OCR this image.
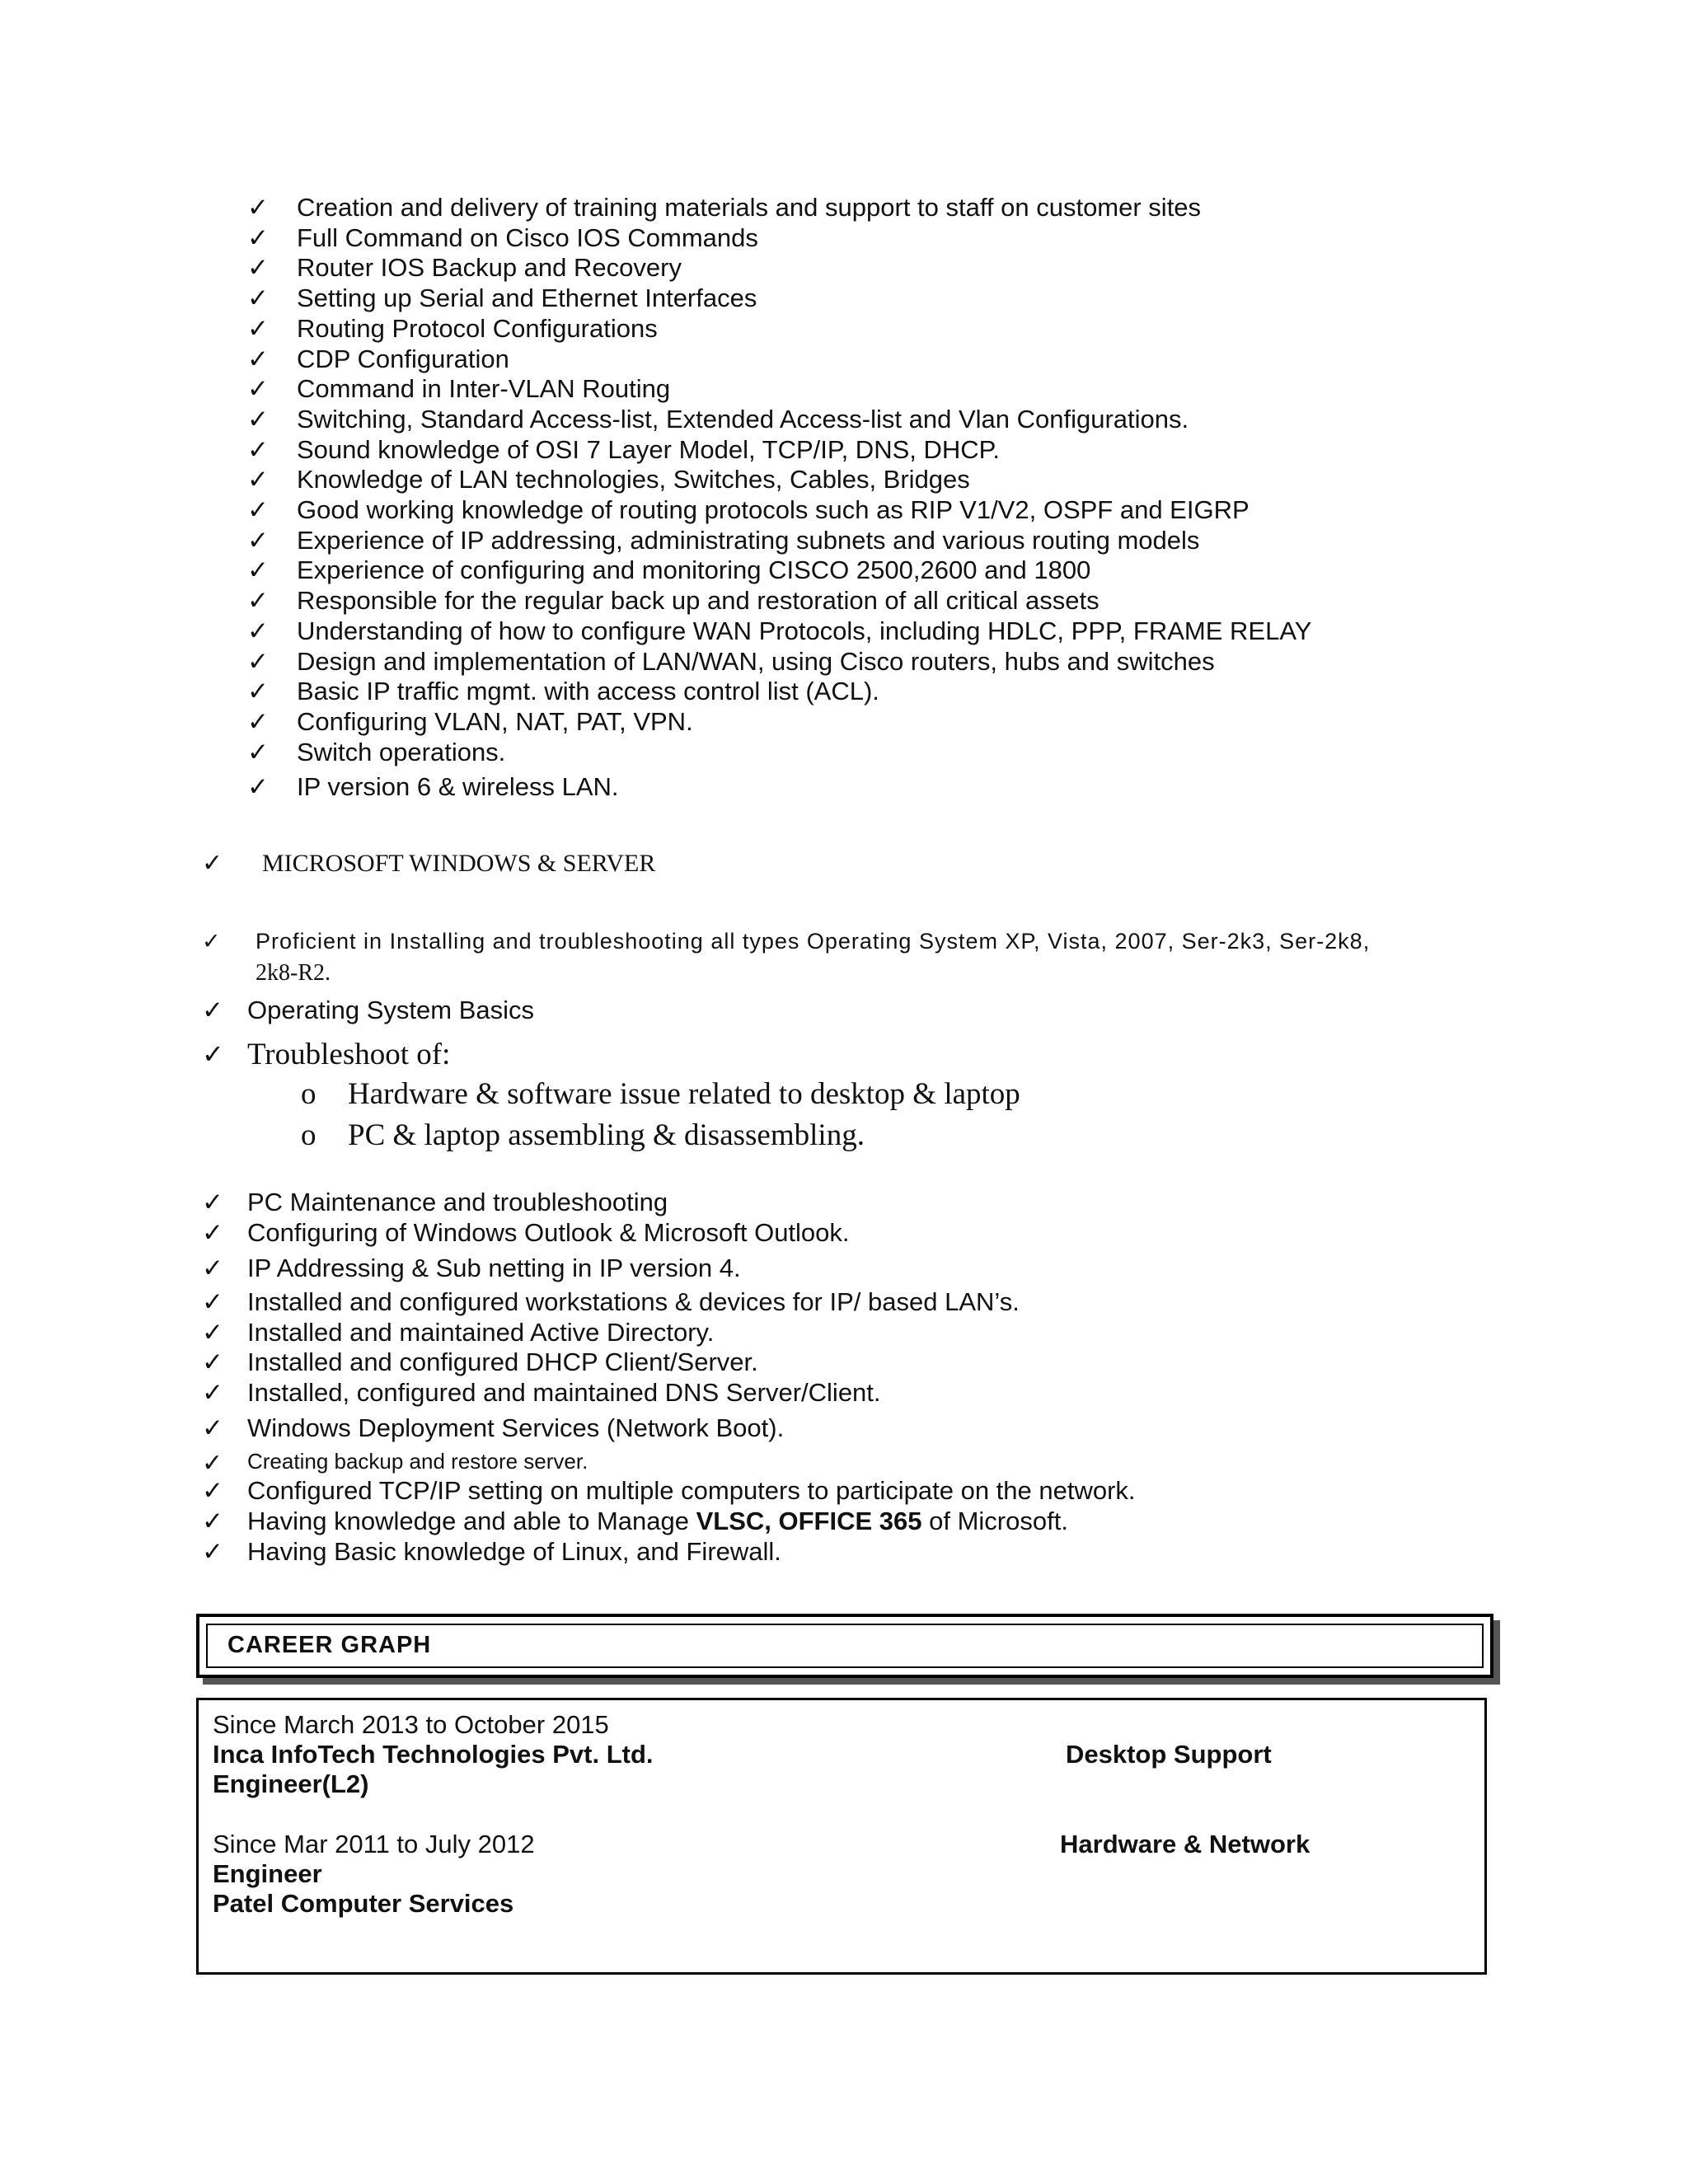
✓ Creation and delivery of training materials and support to staff on customer sites
✓ Full Command on Cisco IOS Commands
✓ Router IOS Backup and Recovery
✓ Setting up Serial and Ethernet Interfaces
✓ Routing Protocol Configurations
✓ CDP Configuration
✓ Command in Inter-VLAN Routing
✓ Switching, Standard Access-list, Extended Access-list and Vlan Configurations.
✓ Sound knowledge of OSI 7 Layer Model, TCP/IP, DNS, DHCP.
✓ Knowledge of LAN technologies, Switches, Cables, Bridges
✓ Good working knowledge of routing protocols such as RIP V1/V2, OSPF and EIGRP
✓ Experience of IP addressing, administrating subnets and various routing models
✓ Experience of configuring and monitoring CISCO 2500,2600 and 1800
✓ Responsible for the regular back up and restoration of all critical assets
✓ Understanding of how to configure WAN Protocols, including HDLC, PPP, FRAME RELAY
✓ Design and implementation of LAN/WAN, using Cisco routers, hubs and switches
✓ Basic IP traffic mgmt. with access control list (ACL).
✓ Configuring VLAN, NAT, PAT, VPN.
✓ Switch operations.
✓ IP version 6 & wireless LAN.
✓ MICROSOFT WINDOWS & SERVER
✓ Proficient in Installing and troubleshooting all types Operating System XP, Vista, 2007, Ser-2k3, Ser-2k8,
2k8-R2.
✓ Operating System Basics
✓ Troubleshoot of:
o Hardware & software issue related to desktop & laptop
o PC & laptop assembling & disassembling.
✓ PC Maintenance and troubleshooting
✓ Configuring of Windows Outlook & Microsoft Outlook.
✓ IP Addressing & Sub netting in IP version 4.
✓ Installed and configured workstations & devices for IP/ based LAN’s.
✓ Installed and maintained Active Directory.
✓ Installed and configured DHCP Client/Server.
✓ Installed, configured and maintained DNS Server/Client.
✓ Windows Deployment Services (Network Boot).
✓ Creating backup and restore server.
✓ Configured TCP/IP setting on multiple computers to participate on the network.
✓ Having knowledge and able to Manage VLSC, OFFICE 365 of Microsoft.
✓ Having Basic knowledge of Linux, and Firewall.
CAREER GRAPH
Since March 2013 to October 2015
Inca InfoTech Technologies Pvt. Ltd.	Desktop Support
Engineer(L2)
Since Mar 2011 to July 2012	Hardware & Network
Engineer
Patel Computer Services
